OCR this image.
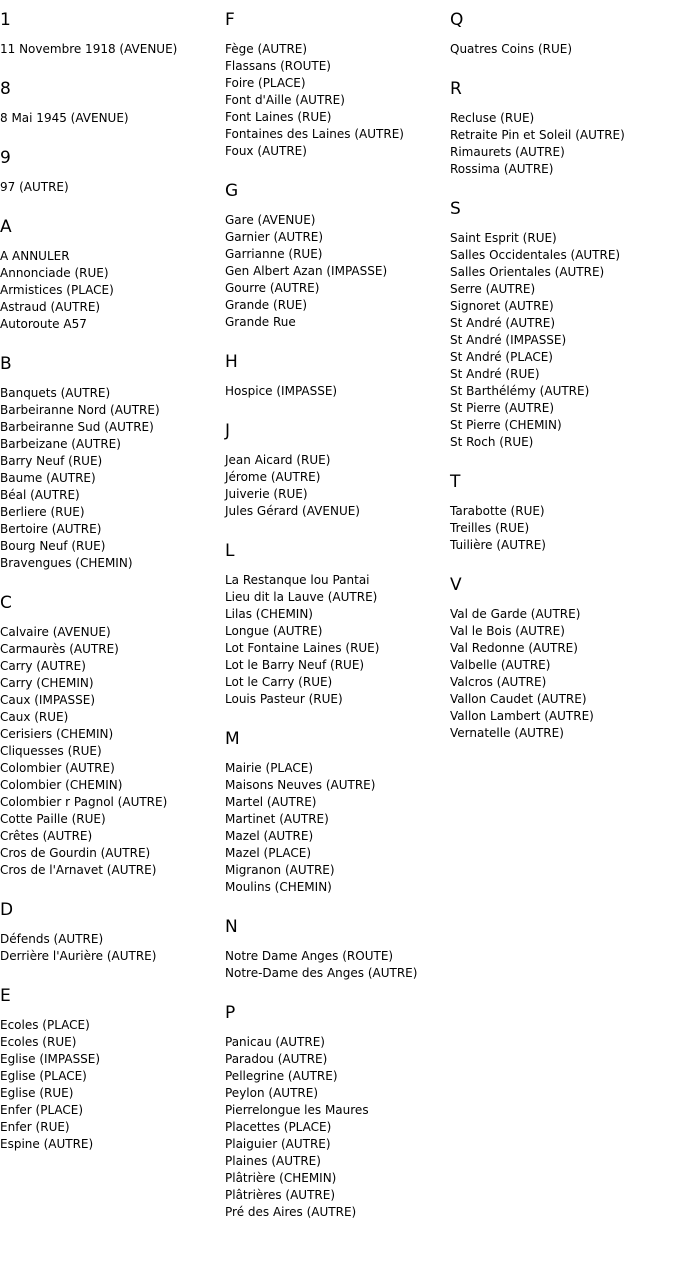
1
11 Novembre 1918 (AVENUE)
8
8 Mai 1945 (AVENUE)
9
97 (AUTRE)
A
A ANNULER
Annonciade (RUE)
Armistices (PLACE)
Astraud (AUTRE)
Autoroute A57
B
Banquets (AUTRE)
Barbeiranne Nord (AUTRE)
Barbeiranne Sud (AUTRE)
Barbeizane (AUTRE)
Barry Neuf (RUE)
Baume (AUTRE)
Béal (AUTRE)
Berliere (RUE)
Bertoire (AUTRE)
Bourg Neuf (RUE)
Bravengues (CHEMIN)
C
Calvaire (AVENUE)
Carmaurès (AUTRE)
Carry (AUTRE)
Carry (CHEMIN)
Caux (IMPASSE)
Caux (RUE)
Cerisiers (CHEMIN)
Cliquesses (RUE)
Colombier (AUTRE)
Colombier (CHEMIN)
Colombier r Pagnol (AUTRE)
Cotte Paille (RUE)
Crêtes (AUTRE)
Cros de Gourdin (AUTRE)
Cros de l'Arnavet (AUTRE)
D
Défends (AUTRE)
Derrière l'Aurière (AUTRE)
E
Ecoles (PLACE)
Ecoles (RUE)
Eglise (IMPASSE)
Eglise (PLACE)
Eglise (RUE)
Enfer (PLACE)
Enfer (RUE)
Espine (AUTRE)
F
Fège (AUTRE)
Flassans (ROUTE)
Foire (PLACE)
Font d'Aille (AUTRE)
Font Laines (RUE)
Fontaines des Laines (AUTRE)
Foux (AUTRE)
G
Gare (AVENUE)
Garnier (AUTRE)
Garrianne (RUE)
Gen Albert Azan (IMPASSE)
Gourre (AUTRE)
Grande (RUE)
Grande Rue
H
Hospice (IMPASSE)
J
Jean Aicard (RUE)
Jérome (AUTRE)
Juiverie (RUE)
Jules Gérard (AVENUE)
L
La Restanque lou Pantai
Lieu dit la Lauve (AUTRE)
Lilas (CHEMIN)
Longue (AUTRE)
Lot Fontaine Laines (RUE)
Lot le Barry Neuf (RUE)
Lot le Carry (RUE)
Louis Pasteur (RUE)
M
Mairie (PLACE)
Maisons Neuves (AUTRE)
Martel (AUTRE)
Martinet (AUTRE)
Mazel (AUTRE)
Mazel (PLACE)
Migranon (AUTRE)
Moulins (CHEMIN)
N
Notre Dame Anges (ROUTE)
Notre-Dame des Anges (AUTRE)
P
Panicau (AUTRE)
Paradou (AUTRE)
Pellegrine (AUTRE)
Peylon (AUTRE)
Pierrelongue les Maures
Placettes (PLACE)
Plaiguier (AUTRE)
Plaines (AUTRE)
Plâtrière (CHEMIN)
Plâtrières (AUTRE)
Pré des Aires (AUTRE)
Q
Quatres Coins (RUE)
R
Recluse (RUE)
Retraite Pin et Soleil (AUTRE)
Rimaurets (AUTRE)
Rossima (AUTRE)
S
Saint Esprit (RUE)
Salles Occidentales (AUTRE)
Salles Orientales (AUTRE)
Serre (AUTRE)
Signoret (AUTRE)
St André (AUTRE)
St André (IMPASSE)
St André (PLACE)
St André (RUE)
St Barthélémy (AUTRE)
St Pierre (AUTRE)
St Pierre (CHEMIN)
St Roch (RUE)
T
Tarabotte (RUE)
Treilles (RUE)
Tuilière (AUTRE)
V
Val de Garde (AUTRE)
Val le Bois (AUTRE)
Val Redonne (AUTRE)
Valbelle (AUTRE)
Valcros (AUTRE)
Vallon Caudet (AUTRE)
Vallon Lambert (AUTRE)
Vernatelle (AUTRE)
